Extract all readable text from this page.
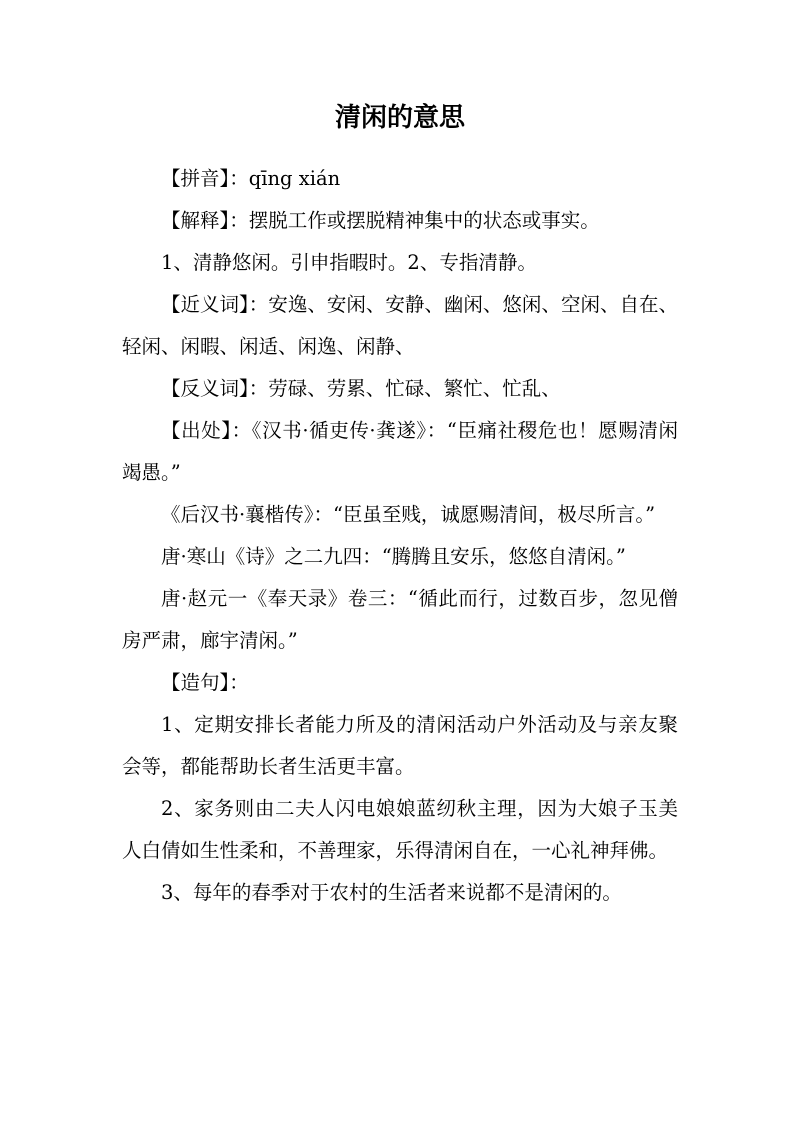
清闲的意思

【拼音】：qīng xián

【解释】：摆脱工作或摆脱精神集中的状态或事实。

1、清静悠闲。引申指暇时。2、专指清静。

【近义词】：安逸、安闲、安静、幽闲、悠闲、空闲、自在、轻闲、闲暇、闲适、闲逸、闲静、

【反义词】：劳碌、劳累、忙碌、繁忙、忙乱、

【出处】：《汉书·循吏传·龚遂》：“臣痛社稷危也！愿赐清闲竭愚。”

《后汉书·襄楷传》：“臣虽至贱，诚愿赐清间，极尽所言。”

唐·寒山《诗》之二九四：“腾腾且安乐，悠悠自清闲。”

唐·赵元一《奉天录》卷三：“循此而行，过数百步，忽见僧房严肃，廊宇清闲。”

【造句】：

1、定期安排长者能力所及的清闲活动户外活动及与亲友聚会等，都能帮助长者生活更丰富。

2、家务则由二夫人闪电娘娘蓝纫秋主理，因为大娘子玉美人白倩如生性柔和，不善理家，乐得清闲自在，一心礼神拜佛。

3、每年的春季对于农村的生活者来说都不是清闲的。
